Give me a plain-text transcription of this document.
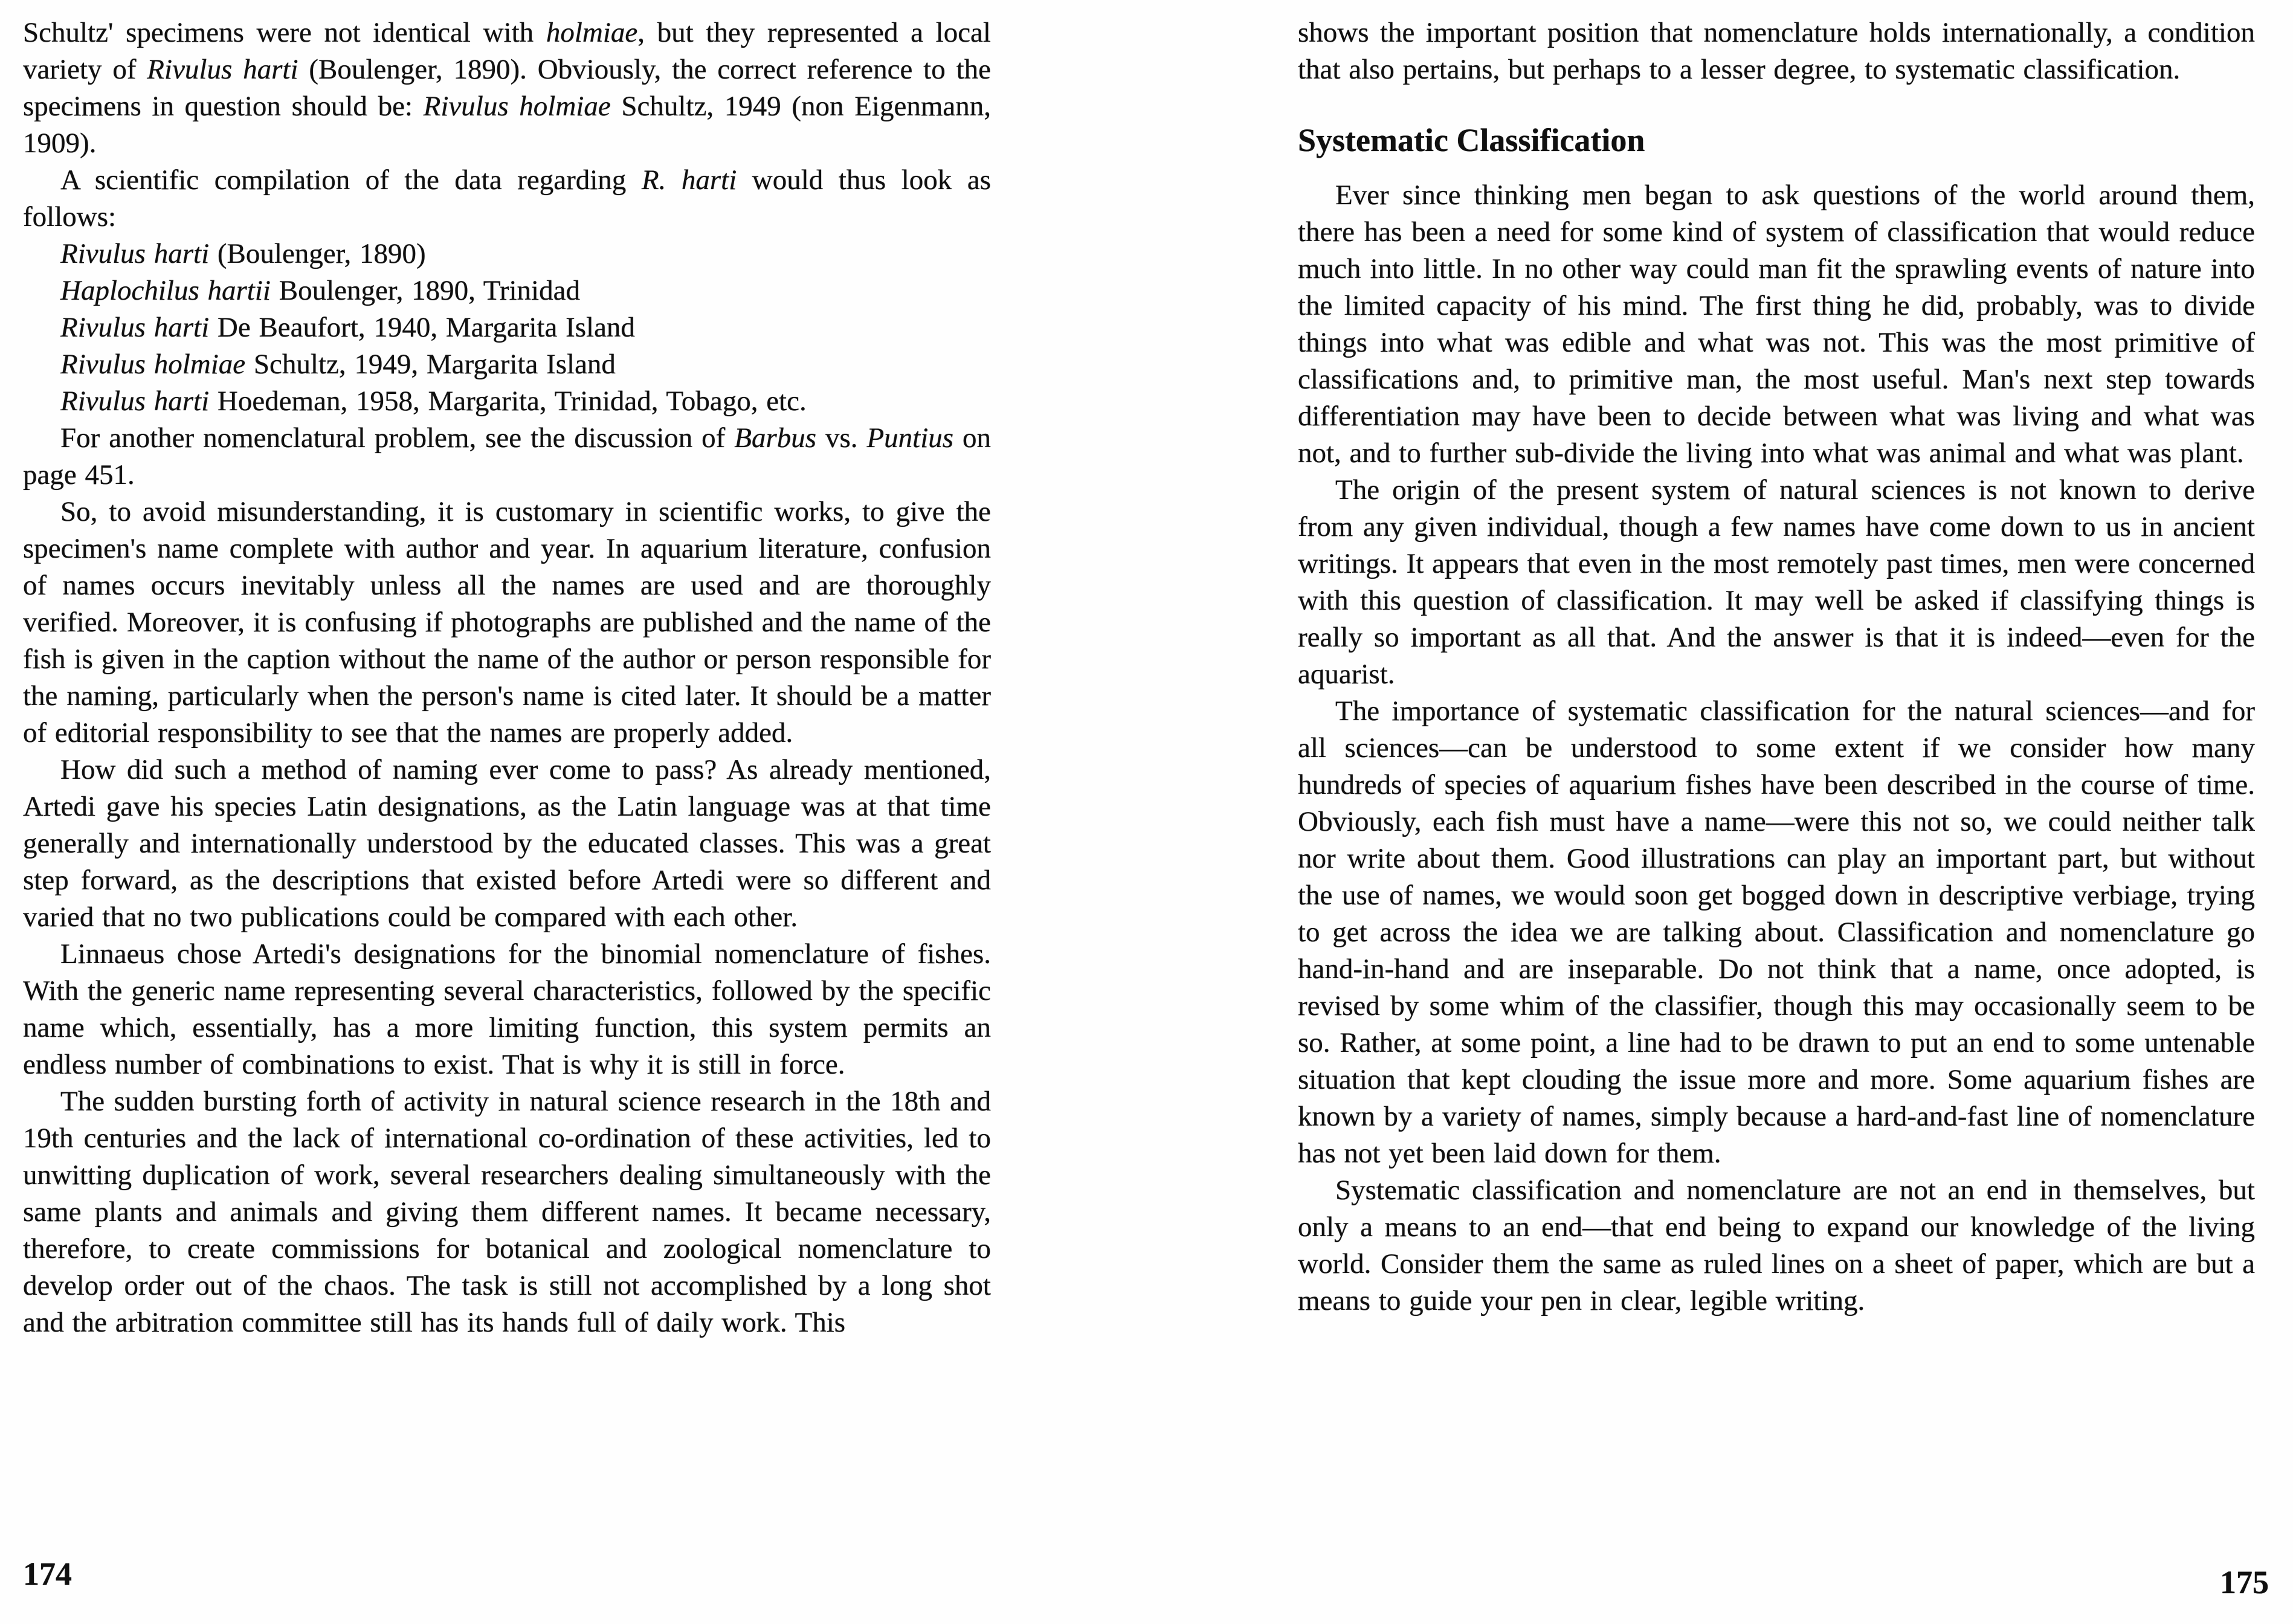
Schultz' specimens were not identical with holmiae, but they represented a local variety of Rivulus harti (Boulenger, 1890). Obviously, the correct reference to the specimens in question should be: Rivulus holmiae Schultz, 1949 (non Eigenmann, 1909).

A scientific compilation of the data regarding R. harti would thus look as follows:

Rivulus harti (Boulenger, 1890)

Haplochilus hartii Boulenger, 1890, Trinidad

Rivulus harti De Beaufort, 1940, Margarita Island

Rivulus holmiae Schultz, 1949, Margarita Island

Rivulus harti Hoedeman, 1958, Margarita, Trinidad, Tobago, etc.

For another nomenclatural problem, see the discussion of Barbus vs. Puntius on page 451.

So, to avoid misunderstanding, it is customary in scientific works, to give the specimen's name complete with author and year. In aquarium literature, confusion of names occurs inevitably unless all the names are used and are thoroughly verified. Moreover, it is confusing if photographs are published and the name of the fish is given in the caption without the name of the author or person responsible for the naming, particularly when the person's name is cited later. It should be a matter of editorial responsibility to see that the names are properly added.

How did such a method of naming ever come to pass? As already mentioned, Artedi gave his species Latin designations, as the Latin language was at that time generally and internationally understood by the educated classes. This was a great step forward, as the descriptions that existed before Artedi were so different and varied that no two publications could be compared with each other.

Linnaeus chose Artedi's designations for the binomial nomenclature of fishes. With the generic name representing several characteristics, followed by the specific name which, essentially, has a more limiting function, this system permits an endless number of combinations to exist. That is why it is still in force.

The sudden bursting forth of activity in natural science research in the 18th and 19th centuries and the lack of international co-ordination of these activities, led to unwitting duplication of work, several researchers dealing simultaneously with the same plants and animals and giving them different names. It became necessary, therefore, to create commissions for botanical and zoological nomenclature to develop order out of the chaos. The task is still not accomplished by a long shot and the arbitration committee still has its hands full of daily work. This

shows the important position that nomenclature holds internationally, a condition that also pertains, but perhaps to a lesser degree, to systematic classification.

Systematic Classification

Ever since thinking men began to ask questions of the world around them, there has been a need for some kind of system of classification that would reduce much into little. In no other way could man fit the sprawling events of nature into the limited capacity of his mind. The first thing he did, probably, was to divide things into what was edible and what was not. This was the most primitive of classifications and, to primitive man, the most useful. Man's next step towards differentiation may have been to decide between what was living and what was not, and to further sub-divide the living into what was animal and what was plant.

The origin of the present system of natural sciences is not known to derive from any given individual, though a few names have come down to us in ancient writings. It appears that even in the most remotely past times, men were concerned with this question of classification. It may well be asked if classifying things is really so important as all that. And the answer is that it is indeed—even for the aquarist.

The importance of systematic classification for the natural sciences—and for all sciences—can be understood to some extent if we consider how many hundreds of species of aquarium fishes have been described in the course of time. Obviously, each fish must have a name—were this not so, we could neither talk nor write about them. Good illustrations can play an important part, but without the use of names, we would soon get bogged down in descriptive verbiage, trying to get across the idea we are talking about. Classification and nomenclature go hand-in-hand and are inseparable. Do not think that a name, once adopted, is revised by some whim of the classifier, though this may occasionally seem to be so. Rather, at some point, a line had to be drawn to put an end to some untenable situation that kept clouding the issue more and more. Some aquarium fishes are known by a variety of names, simply because a hard-and-fast line of nomenclature has not yet been laid down for them.

Systematic classification and nomenclature are not an end in themselves, but only a means to an end—that end being to expand our knowledge of the living world. Consider them the same as ruled lines on a sheet of paper, which are but a means to guide your pen in clear, legible writing.

174	175
